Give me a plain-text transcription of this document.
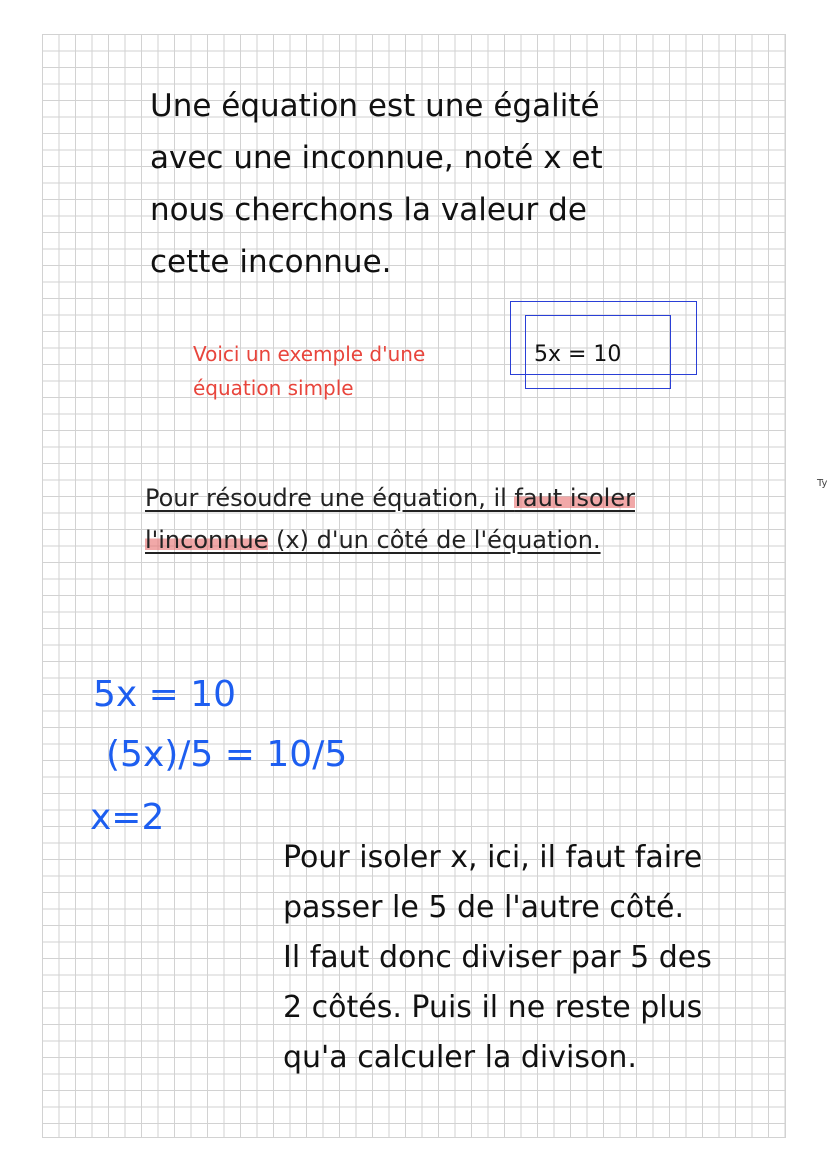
Une équation est une égalité
avec une inconnue, noté x et
nous cherchons la valeur de
cette inconnue.
Voici un exemple d'une
équation simple
5x = 10
Pour résoudre une équation, il faut isoler
l'inconnue (x) d'un côté de l'équation.
Ty
5x = 10
(5x)/5 = 10/5
x=2
Pour isoler x, ici, il faut faire
passer le 5 de l'autre côté.
Il faut donc diviser par 5 des
2 côtés. Puis il ne reste plus
qu'a calculer la divison.
